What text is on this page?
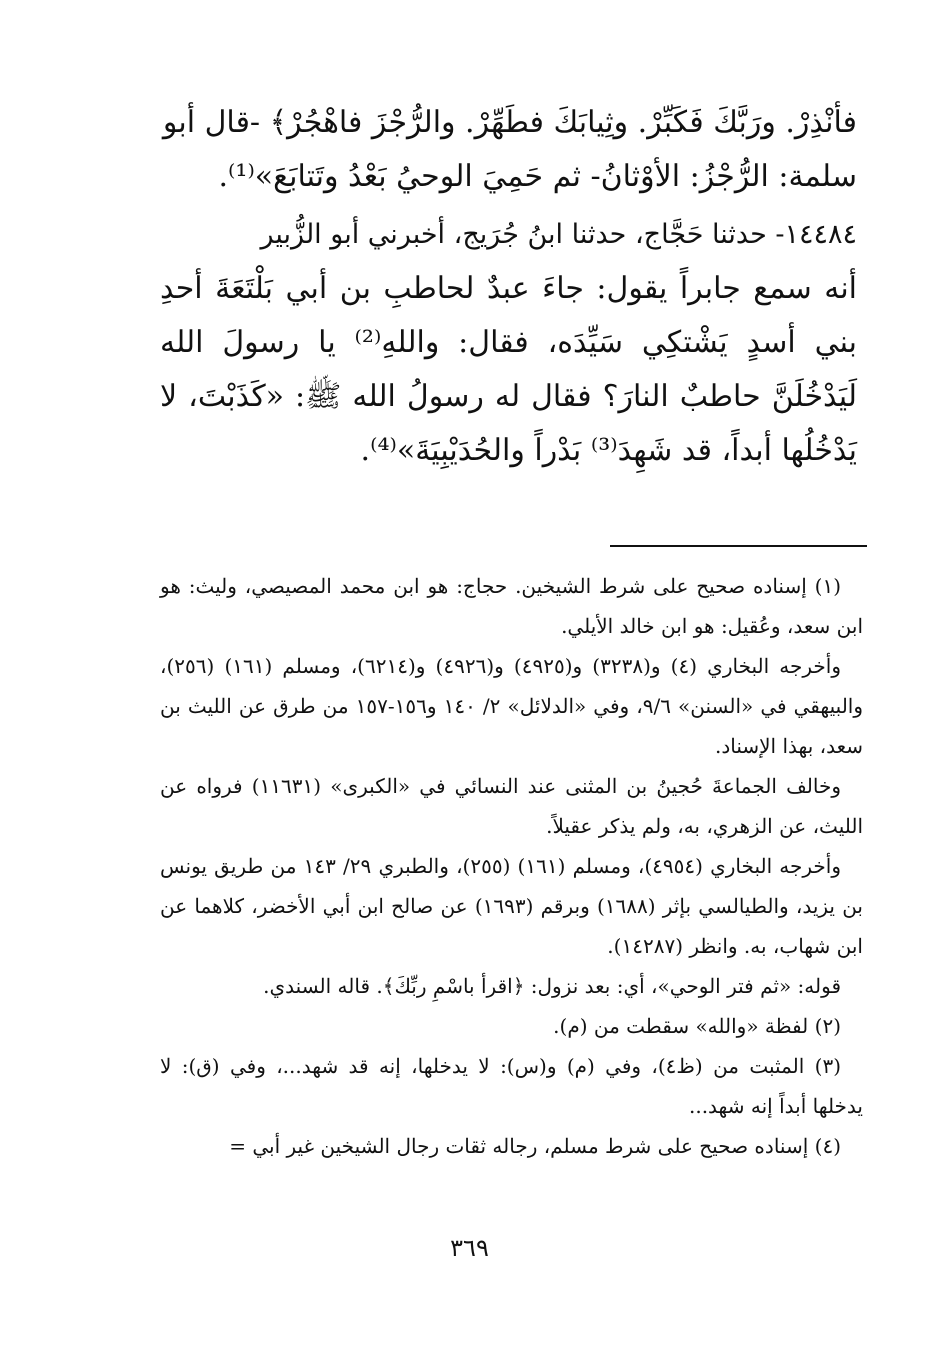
فأنْذِرْ. ورَبَّكَ فَكَبِّرْ. وثِيابَكَ فطَهِّرْ. والرُّجْزَ فاهْجُرْ﴾ -قال أبو

سلمة: الرُّجْزُ: الأوْثانُ- ثم حَمِيَ الوحيُ بَعْدُ وتَتابَعَ»⁽¹⁾.

١٤٤٨٤- حدثنا حَجَّاج، حدثنا ابنُ جُرَيج، أخبرني أبو الزُّبير

أنه سمع جابراً يقول: جاءَ عبدٌ لحاطبِ بن أبي بَلْتَعَةَ أحدِ بني أسدٍ يَشْتكِي سَيِّدَه، فقال: واللهِ⁽²⁾ يا رسولَ الله لَيَدْخُلَنَّ حاطبٌ النارَ؟ فقال له رسولُ الله ﷺ: «كَذَبْتَ، لا يَدْخُلُها أبداً، قد شَهِدَ⁽³⁾ بَدْراً والحُدَيْبِيَةَ»⁽⁴⁾.

(١) إسناده صحيح على شرط الشيخين. حجاج: هو ابن محمد المصيصي، وليث: هو ابن سعد، وعُقيل: هو ابن خالد الأيلي.

وأخرجه البخاري (٤) و(٣٢٣٨) و(٤٩٢٥) و(٤٩٢٦) و(٦٢١٤)، ومسلم (١٦١) (٢٥٦)، والبيهقي في «السنن» ٩/٦، وفي «الدلائل» ٢/ ١٤٠ و١٥٦-١٥٧ من طرق عن الليث بن سعد، بهذا الإسناد.

وخالف الجماعةَ حُجينُ بن المثنى عند النسائي في «الكبرى» (١١٦٣١) فرواه عن الليث، عن الزهري، به، ولم يذكر عقيلاً.

وأخرجه البخاري (٤٩٥٤)، ومسلم (١٦١) (٢٥٥)، والطبري ٢٩/ ١٤٣ من طريق يونس بن يزيد، والطيالسي بإثر (١٦٨٨) وبرقم (١٦٩٣) عن صالح ابن أبي الأخضر، كلاهما عن ابن شهاب، به. وانظر (١٤٢٨٧).

قوله: «ثم فتر الوحي»، أي: بعد نزول: ﴿اقرأ باسْمِ ربِّكَ﴾. قاله السندي.

(٢) لفظة «والله» سقطت من (م).

(٣) المثبت من (ظ٤)، وفي (م) و(س): لا يدخلها، إنه قد شهد...، وفي (ق): لا يدخلها أبداً إنه شهد...

(٤) إسناده صحيح على شرط مسلم، رجاله ثقات رجال الشيخين غير أبي =

٣٦٩
